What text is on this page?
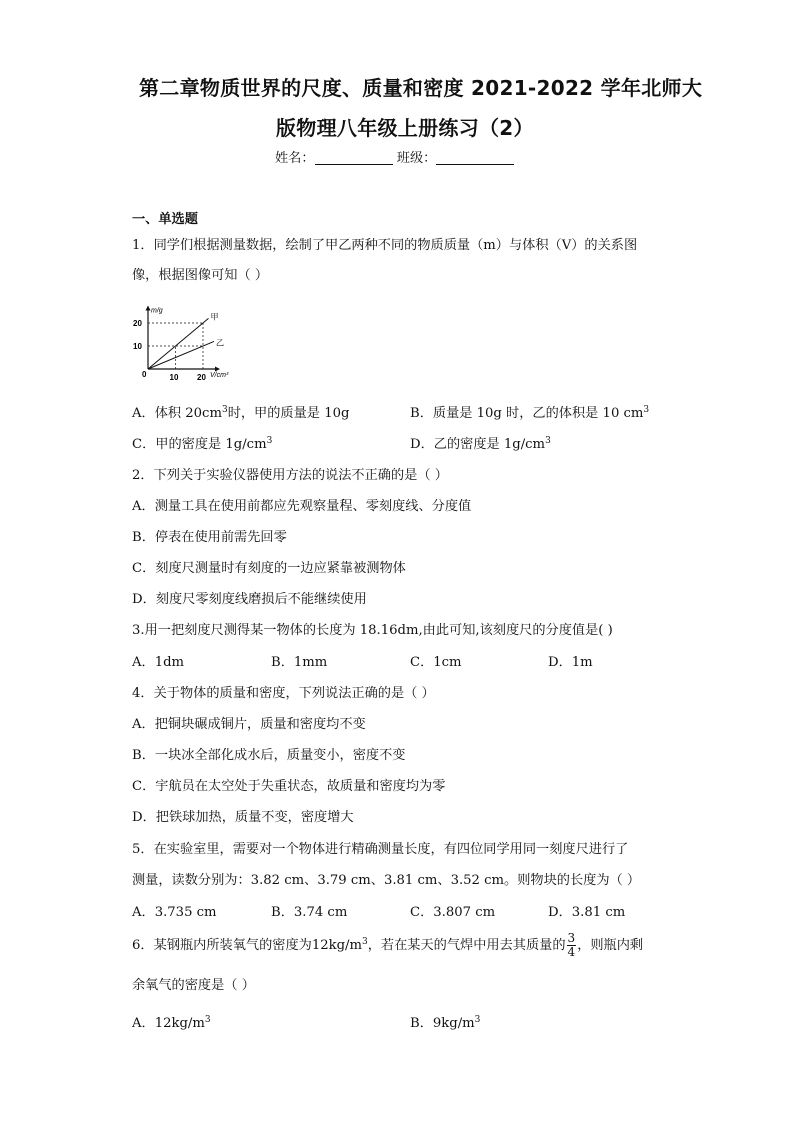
第二章物质世界的尺度、质量和密度 2021-2022 学年北师大
版物理八年级上册练习（2）
姓名：	班级：
一、单选题
1．同学们根据测量数据，绘制了甲乙两种不同的物质质量（m）与体积（V）的关系图
像，根据图像可知（ ）
m/g
V/cm³
0	10 20
10
20
甲
乙
A．体积 $20cm^3$时，甲的质量是 10g	B．质量是 10g 时，乙的体积是 10 $cm^3$
C．甲的密度是 $1g/cm^3$	D．乙的密度是 $1g/cm^3$
2．下列关于实验仪器使用方法的说法不正确的是（ ）
A．测量工具在使用前都应先观察量程、零刻度线、分度值
B．停表在使用前需先回零
C．刻度尺测量时有刻度的一边应紧靠被测物体
D．刻度尺零刻度线磨损后不能继续使用
3.用一把刻度尺测得某一物体的长度为 18.16dm,由此可知,该刻度尺的分度值是( )
A．1dm	B．1mm	C．1cm	D．1m
4．关于物体的质量和密度，下列说法正确的是（ ）
A．把铜块碾成铜片，质量和密度均不变
B．一块冰全部化成水后，质量变小，密度不变
C．宇航员在太空处于失重状态，故质量和密度均为零
D．把铁球加热，质量不变，密度增大
5．在实验室里，需要对一个物体进行精确测量长度，有四位同学用同一刻度尺进行了
测量，读数分别为：3.82 cm、3.79 cm、3.81 cm、3.52 cm。则物块的长度为（ ）
A．3.735 cm	B．3.74 cm	C．3.807 cm	D．3.81 cm
6．某钢瓶内所装氧气的密度为$12kg/m^3$，若在某天的气焊中用去其质量的 $\frac{3}{4}$ ，则瓶内剩
余氧气的密度是（ ）
A．$12kg/m^3$	B．$9kg/m^3$
